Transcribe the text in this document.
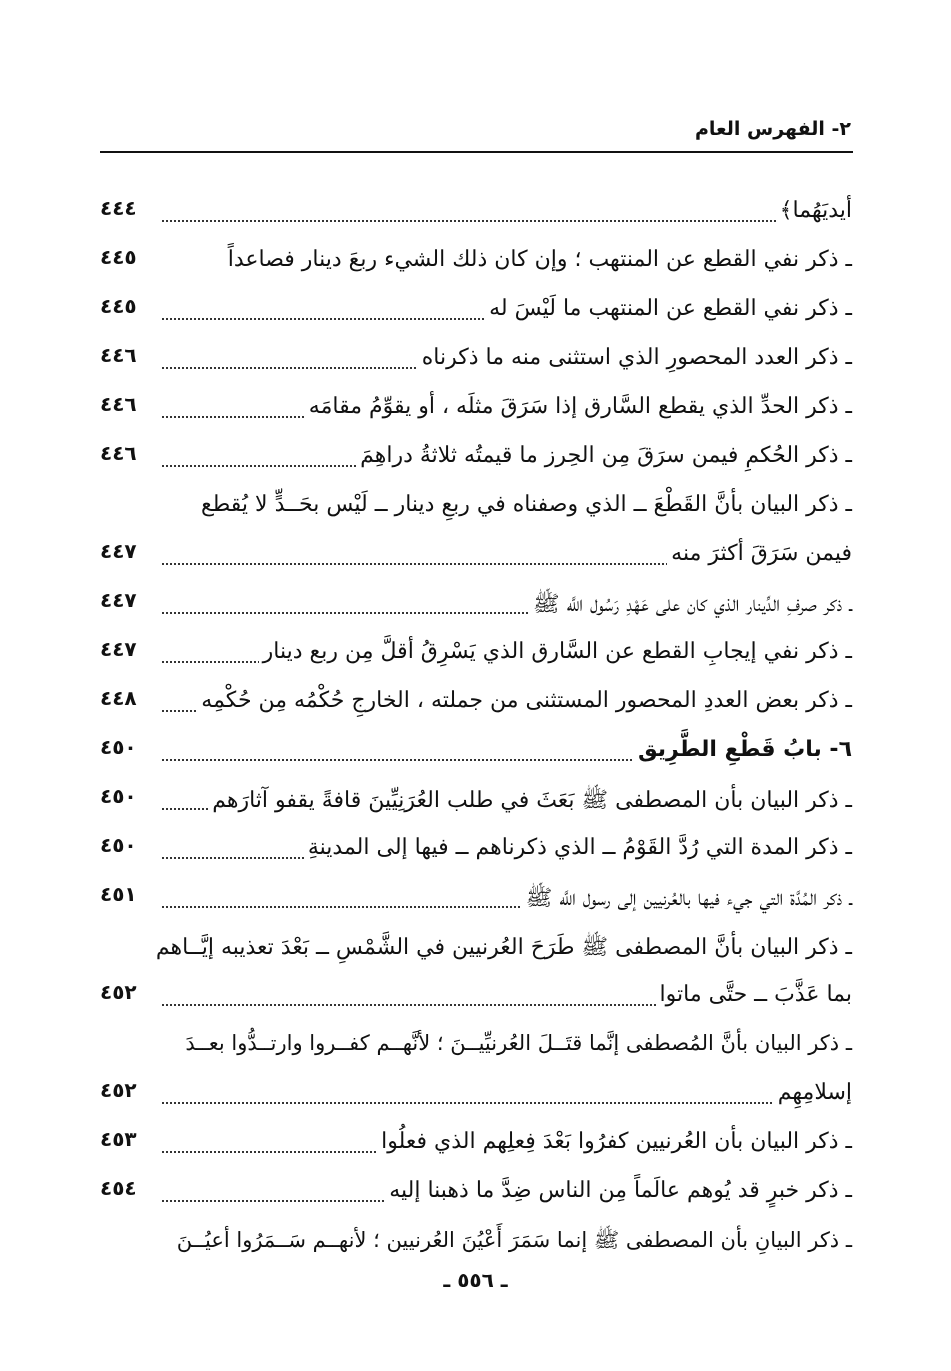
٢- الفهرس العام
أيديَهُما﴾
٤٤٤
ـ ذكر نفي القطع عن المنتهب ؛ وإن كان ذلك الشيء ربعَ دينار فصاعداً
٤٤٥
ـ ذكر نفي القطع عن المنتهب ما لَيْسَ له
٤٤٥
ـ ذكر العدد المحصورِ الذي استثنى منه ما ذكرناه
٤٤٦
ـ ذكر الحدِّ الذي يقطع السَّارق إذا سَرَقَ مثلَه ، أو يقوِّمُ مقامَه
٤٤٦
ـ ذكر الحُكمِ فيمن سرَقَ مِن الحِرز ما قيمتُه ثلاثةُ دراهِمَ
٤٤٦
ـ ذكر البيان بأنَّ القَطْعَ ــ الذي وصفناه في ربعِ دينار ــ لَيْس بحَــدٍّ لا يُقطع
فيمن سَرَقَ أكثرَ منه
٤٤٧
ـ ذكر صرفِ الدِّينار الذي كان على عَهْدِ رَسُول اللَّه ﷺ
٤٤٧
ـ ذكر نفي إيجابِ القطع عن السَّارق الذي يَسْرِقُ أقلَّ مِن ربع دينار
٤٤٧
ـ ذكر بعض العددِ المحصور المستثنى من جملته ، الخارجِ حُكْمُه مِن حُكْمِه
٤٤٨
٦- بابُ قَطْعِ الطَّرِيق
٤٥٠
ـ ذكر البيان بأن المصطفى ﷺ بَعَثَ في طلب العُرَنِيِّينَ قافةً يقفو آثارَهم
٤٥٠
ـ ذكر المدة التي رُدَّ القَوْمُ ــ الذي ذكرناهم ــ فيها إلى المدينةِ
٤٥٠
ـ ذكر المُدَّة التي جيء فيها بالعُرنيين إلى رسول اللَّه ﷺ
٤٥١
ـ ذكر البيان بأنَّ المصطفى ﷺ طَرَحَ العُرنيين في الشَّمْسِ ــ بَعْدَ تعذيبه إيَّــاهم
بما عَذَّبَ ــ حتَّى ماتوا
٤٥٢
ـ ذكر البيان بأنَّ المُصطفى إنَّما قتَــلَ العُرنيِّيــنَ ؛ لأنَّهــم كفــروا وارتــدُّوا بعــدَ
إسلامِهِم
٤٥٢
ـ ذكر البيان بأن العُرنيين كفرُوا بَعْدَ فِعلِهم الذي فعلُوا
٤٥٣
ـ ذكر خبرٍ قد يُوهم عالَماً مِن الناس ضِدَّ ما ذهبنا إليه
٤٥٤
ـ ذكر البيانِ بأن المصطفى ﷺ إنما سَمَرَ أَعْيُنَ العُرنيين ؛ لأنهــم سَــمَرُوا أعيُــنَ
ـ ٥٥٦ ـ
